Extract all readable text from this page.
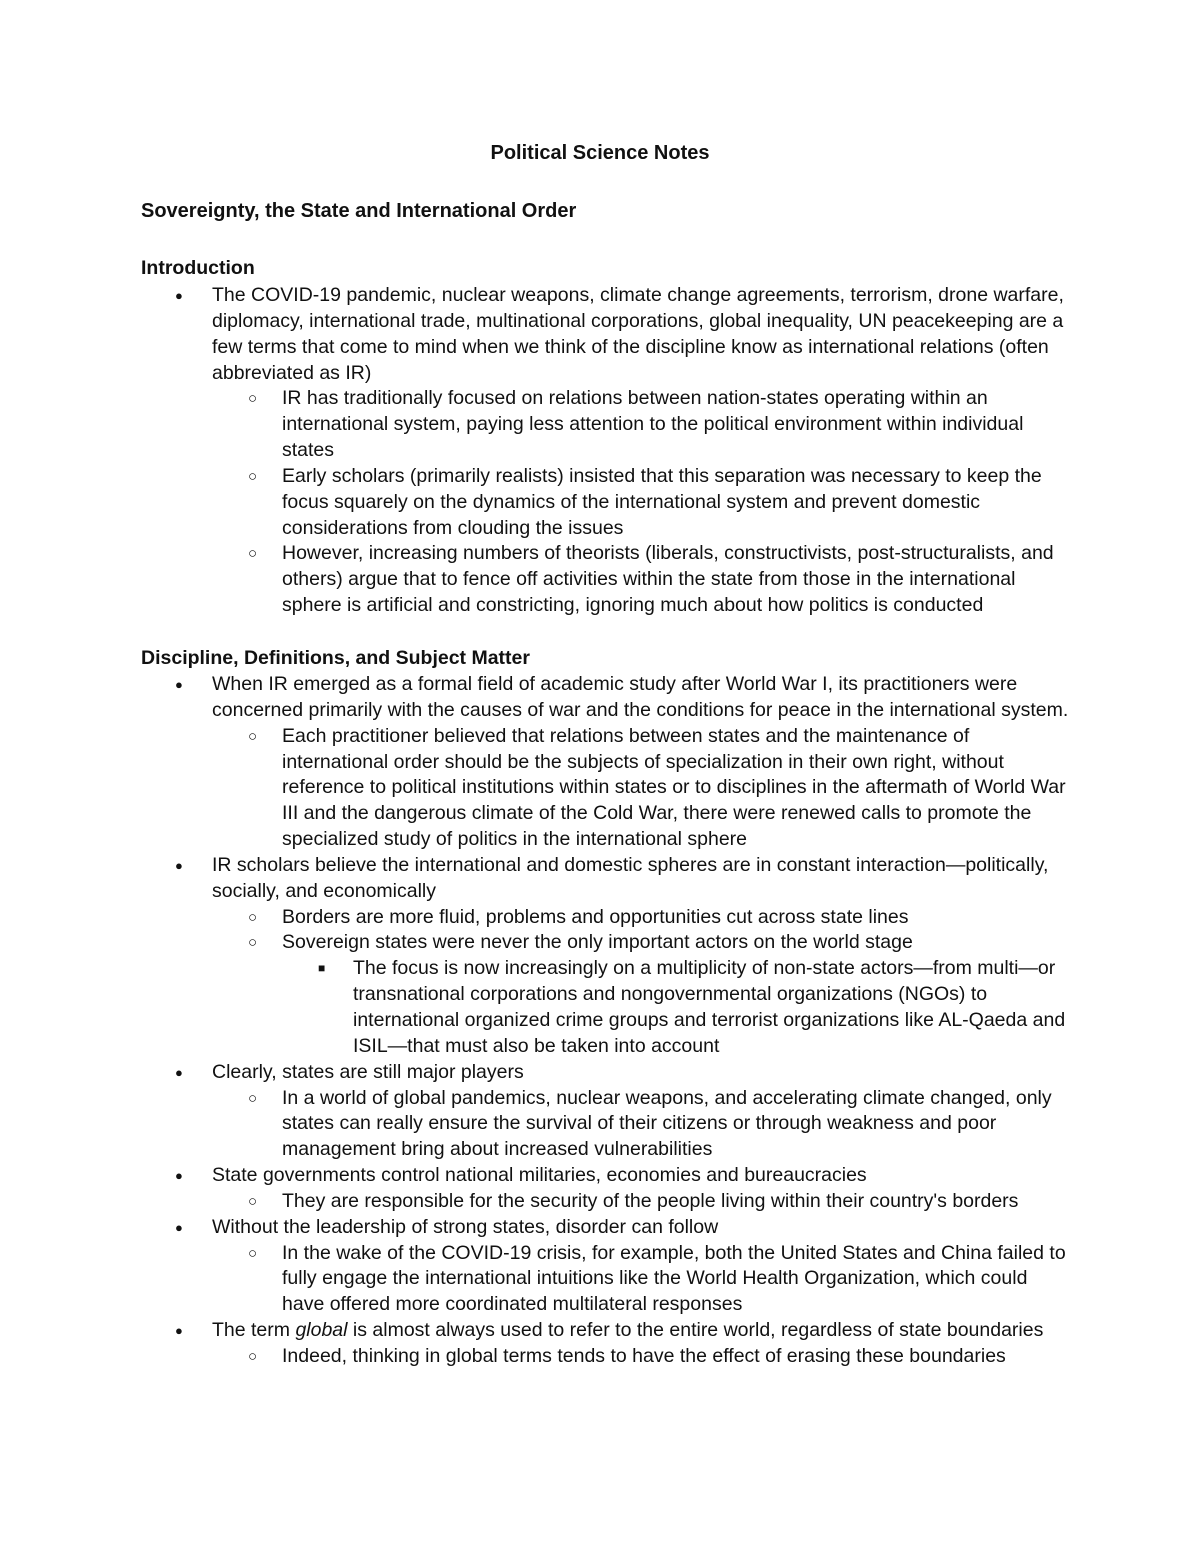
Political Science Notes
Sovereignty, the State and International Order
Introduction
● The COVID-19 pandemic, nuclear weapons, climate change agreements, terrorism, drone warfare, diplomacy, international trade, multinational corporations, global inequality, UN peacekeeping are a few terms that come to mind when we think of the discipline know as international relations (often abbreviated as IR)
○ IR has traditionally focused on relations between nation-states operating within an international system, paying less attention to the political environment within individual states
○ Early scholars (primarily realists) insisted that this separation was necessary to keep the focus squarely on the dynamics of the international system and prevent domestic considerations from clouding the issues
○ However, increasing numbers of theorists (liberals, constructivists, post-structuralists, and others) argue that to fence off activities within the state from those in the international sphere is artificial and constricting, ignoring much about how politics is conducted
Discipline, Definitions, and Subject Matter
● When IR emerged as a formal field of academic study after World War I, its practitioners were concerned primarily with the causes of war and the conditions for peace in the international system.
○ Each practitioner believed that relations between states and the maintenance of international order should be the subjects of specialization in their own right, without reference to political institutions within states or to disciplines in the aftermath of World War III and the dangerous climate of the Cold War, there were renewed calls to promote the specialized study of politics in the international sphere
● IR scholars believe the international and domestic spheres are in constant interaction—politically, socially, and economically
○ Borders are more fluid, problems and opportunities cut across state lines
○ Sovereign states were never the only important actors on the world stage
■ The focus is now increasingly on a multiplicity of non-state actors—from multi—or transnational corporations and nongovernmental organizations (NGOs) to international organized crime groups and terrorist organizations like AL-Qaeda and ISIL—that must also be taken into account
● Clearly, states are still major players
○ In a world of global pandemics, nuclear weapons, and accelerating climate changed, only states can really ensure the survival of their citizens or through weakness and poor management bring about increased vulnerabilities
● State governments control national militaries, economies and bureaucracies
○ They are responsible for the security of the people living within their country's borders
● Without the leadership of strong states, disorder can follow
○ In the wake of the COVID-19 crisis, for example, both the United States and China failed to fully engage the international intuitions like the World Health Organization, which could have offered more coordinated multilateral responses
● The term global is almost always used to refer to the entire world, regardless of state boundaries
○ Indeed, thinking in global terms tends to have the effect of erasing these boundaries
